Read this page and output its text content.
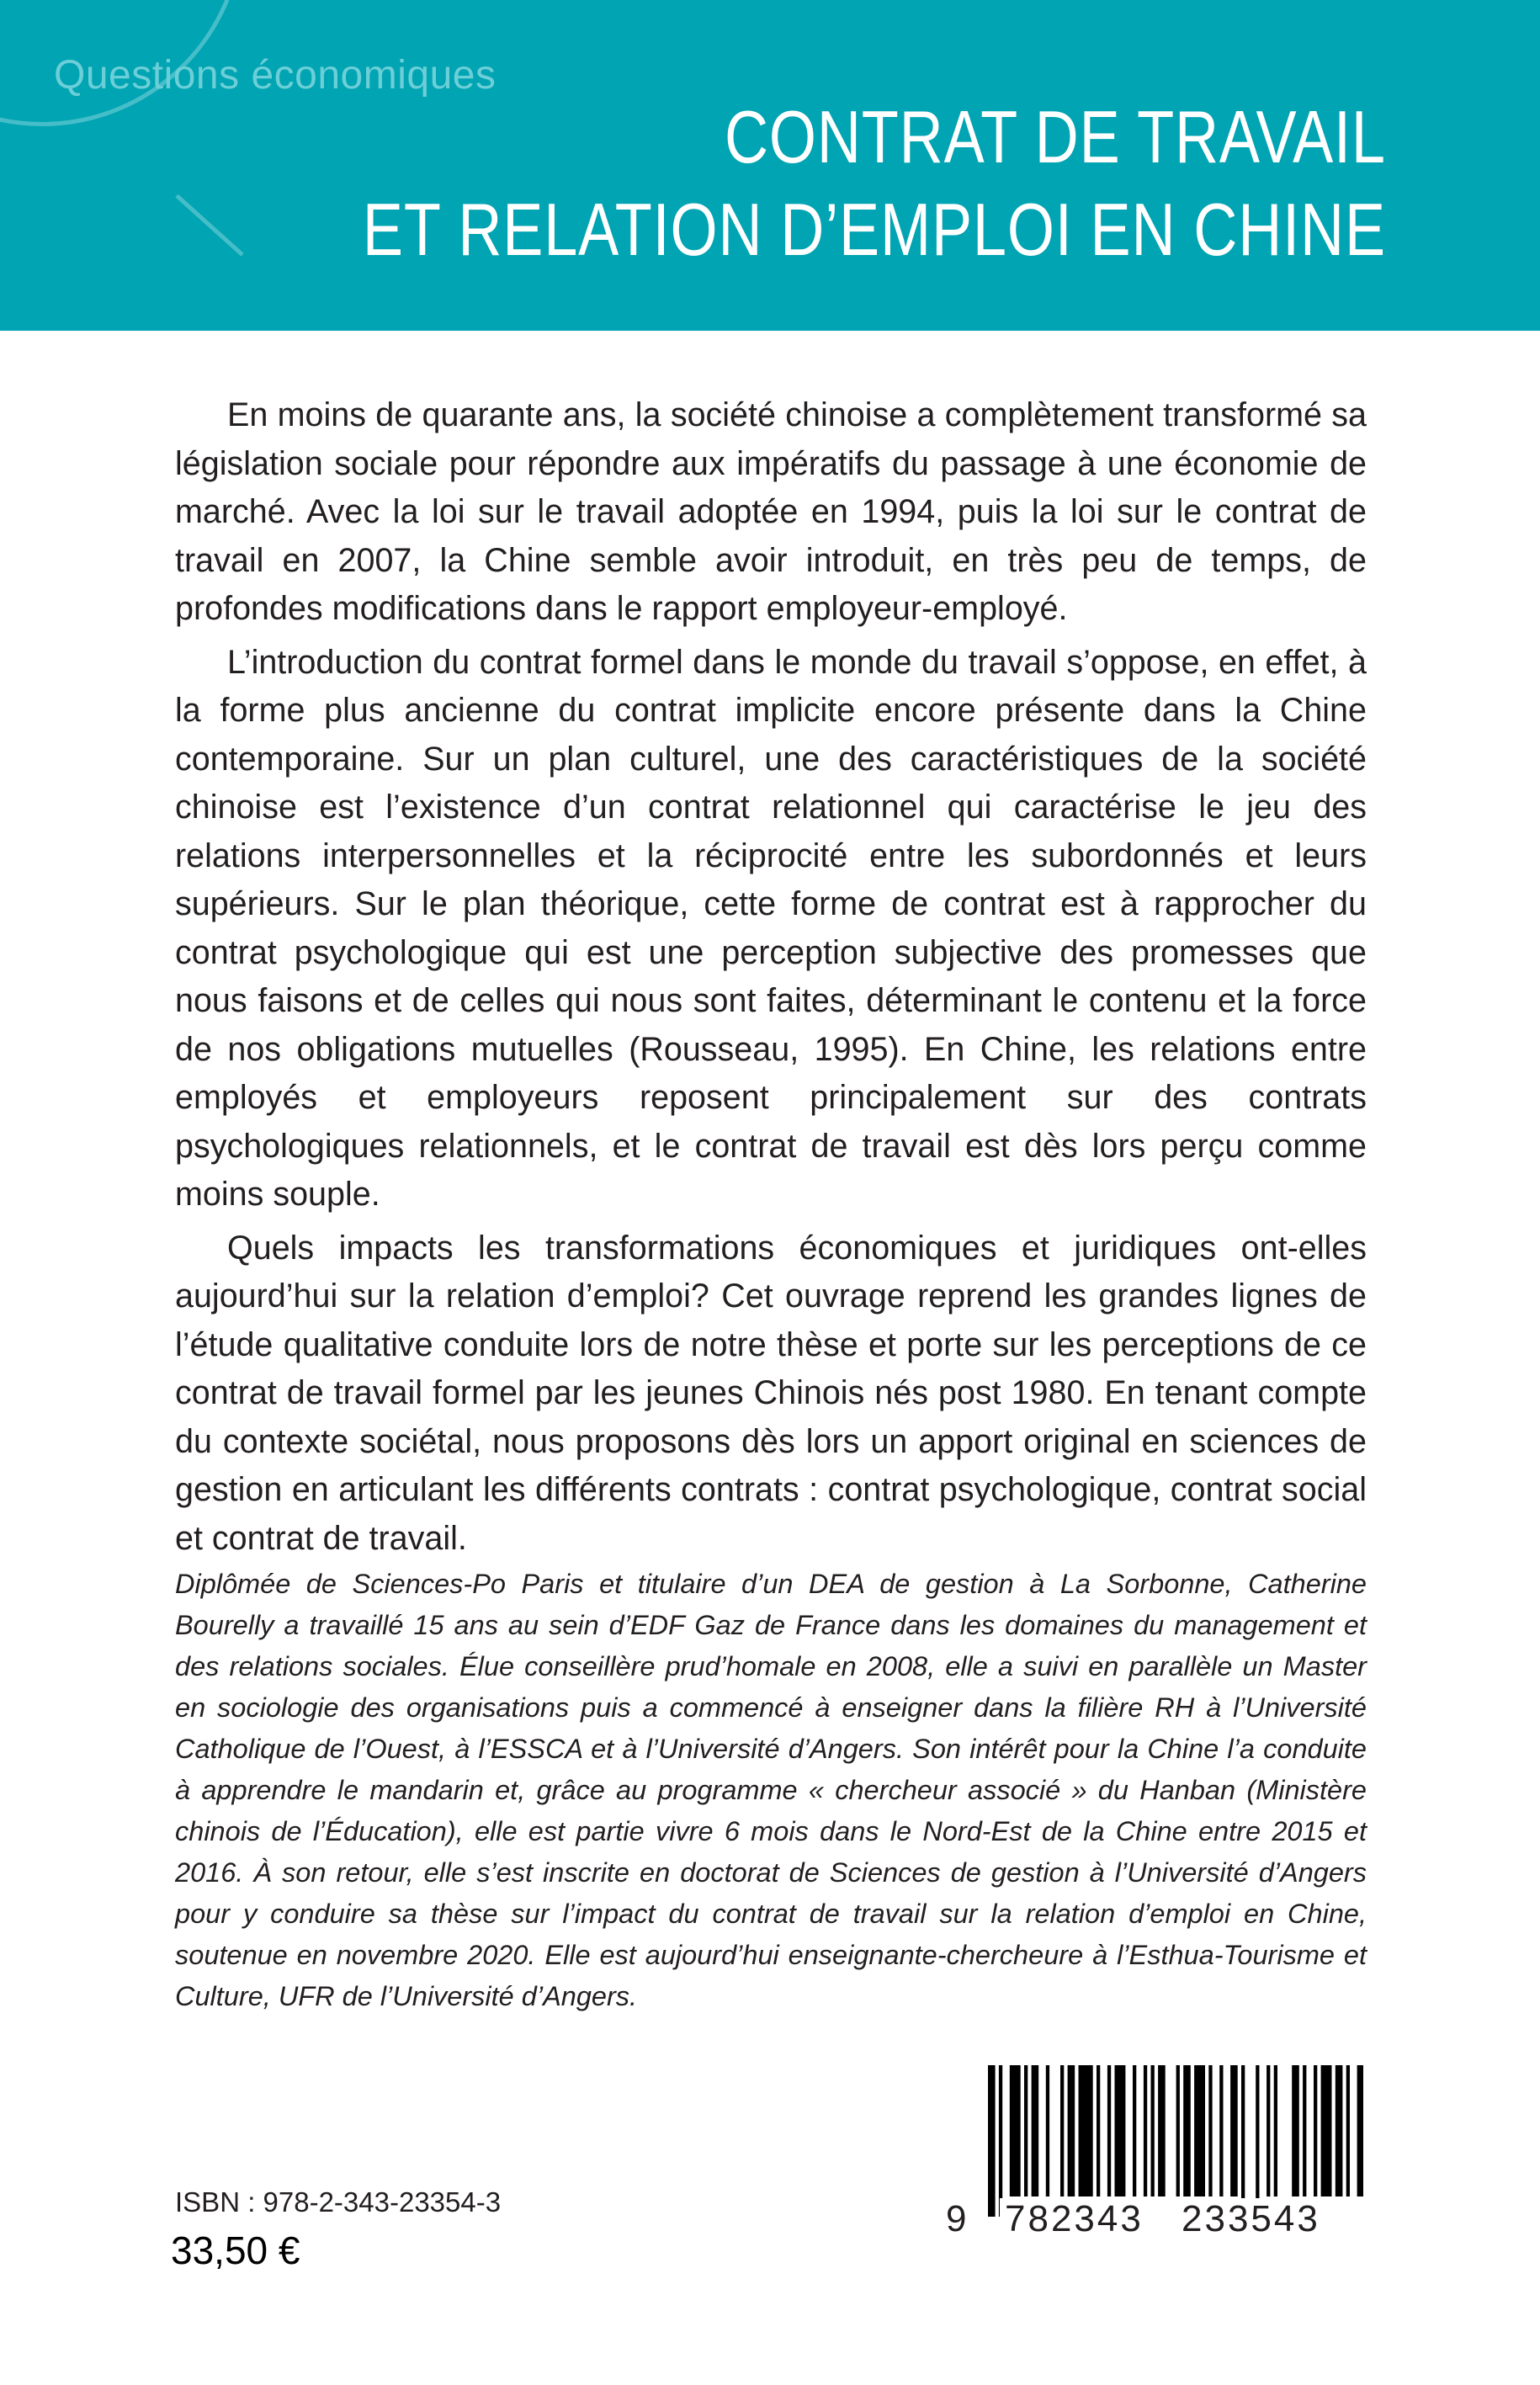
Questions économiques
CONTRAT DE TRAVAIL
ET RELATION D’EMPLOI EN CHINE

En moins de quarante ans, la société chinoise a complètement transformé sa législation sociale pour répondre aux impératifs du passage à une économie de marché. Avec la loi sur le travail adoptée en 1994, puis la loi sur le contrat de travail en 2007, la Chine semble avoir introduit, en très peu de temps, de profondes modifications dans le rapport employeur-employé.

L’introduction du contrat formel dans le monde du travail s’oppose, en effet, à la forme plus ancienne du contrat implicite encore présente dans la Chine contemporaine. Sur un plan culturel, une des caractéristiques de la société chinoise est l’existence d’un contrat relationnel qui caractérise le jeu des relations interpersonnelles et la réciprocité entre les subordonnés et leurs supérieurs. Sur le plan théorique, cette forme de contrat est à rapprocher du contrat psychologique qui est une perception subjective des promesses que nous faisons et de celles qui nous sont faites, déterminant le contenu et la force de nos obligations mutuelles (Rousseau, 1995). En Chine, les relations entre employés et employeurs reposent principalement sur des contrats psychologiques relationnels, et le contrat de travail est dès lors perçu comme moins souple.

Quels impacts les transformations économiques et juridiques ont-elles aujourd’hui sur la relation d’emploi? Cet ouvrage reprend les grandes lignes de l’étude qualitative conduite lors de notre thèse et porte sur les perceptions de ce contrat de travail formel par les jeunes Chinois nés post 1980. En tenant compte du contexte sociétal, nous proposons dès lors un apport original en sciences de gestion en articulant les différents contrats : contrat psychologique, contrat social et contrat de travail.

Diplômée de Sciences-Po Paris et titulaire d’un DEA de gestion à La Sorbonne, Catherine Bourelly a travaillé 15 ans au sein d’EDF Gaz de France dans les domaines du management et des relations sociales. Élue conseillère prud’homale en 2008, elle a suivi en parallèle un Master en sociologie des organisations puis a commencé à enseigner dans la filière RH à l’Université Catholique de l’Ouest, à l’ESSCA et à l’Université d’Angers. Son intérêt pour la Chine l’a conduite à apprendre le mandarin et, grâce au programme « chercheur associé » du Hanban (Ministère chinois de l’Éducation), elle est partie vivre 6 mois dans le Nord-Est de la Chine entre 2015 et 2016. À son retour, elle s’est inscrite en doctorat de Sciences de gestion à l’Université d’Angers pour y conduire sa thèse sur l’impact du contrat de travail sur la relation d’emploi en Chine, soutenue en novembre 2020. Elle est aujourd’hui enseignante-chercheure à l’Esthua-Tourisme et Culture, UFR de l’Université d’Angers.

9 782343 233543
ISBN : 978-2-343-23354-3
33,50 €
